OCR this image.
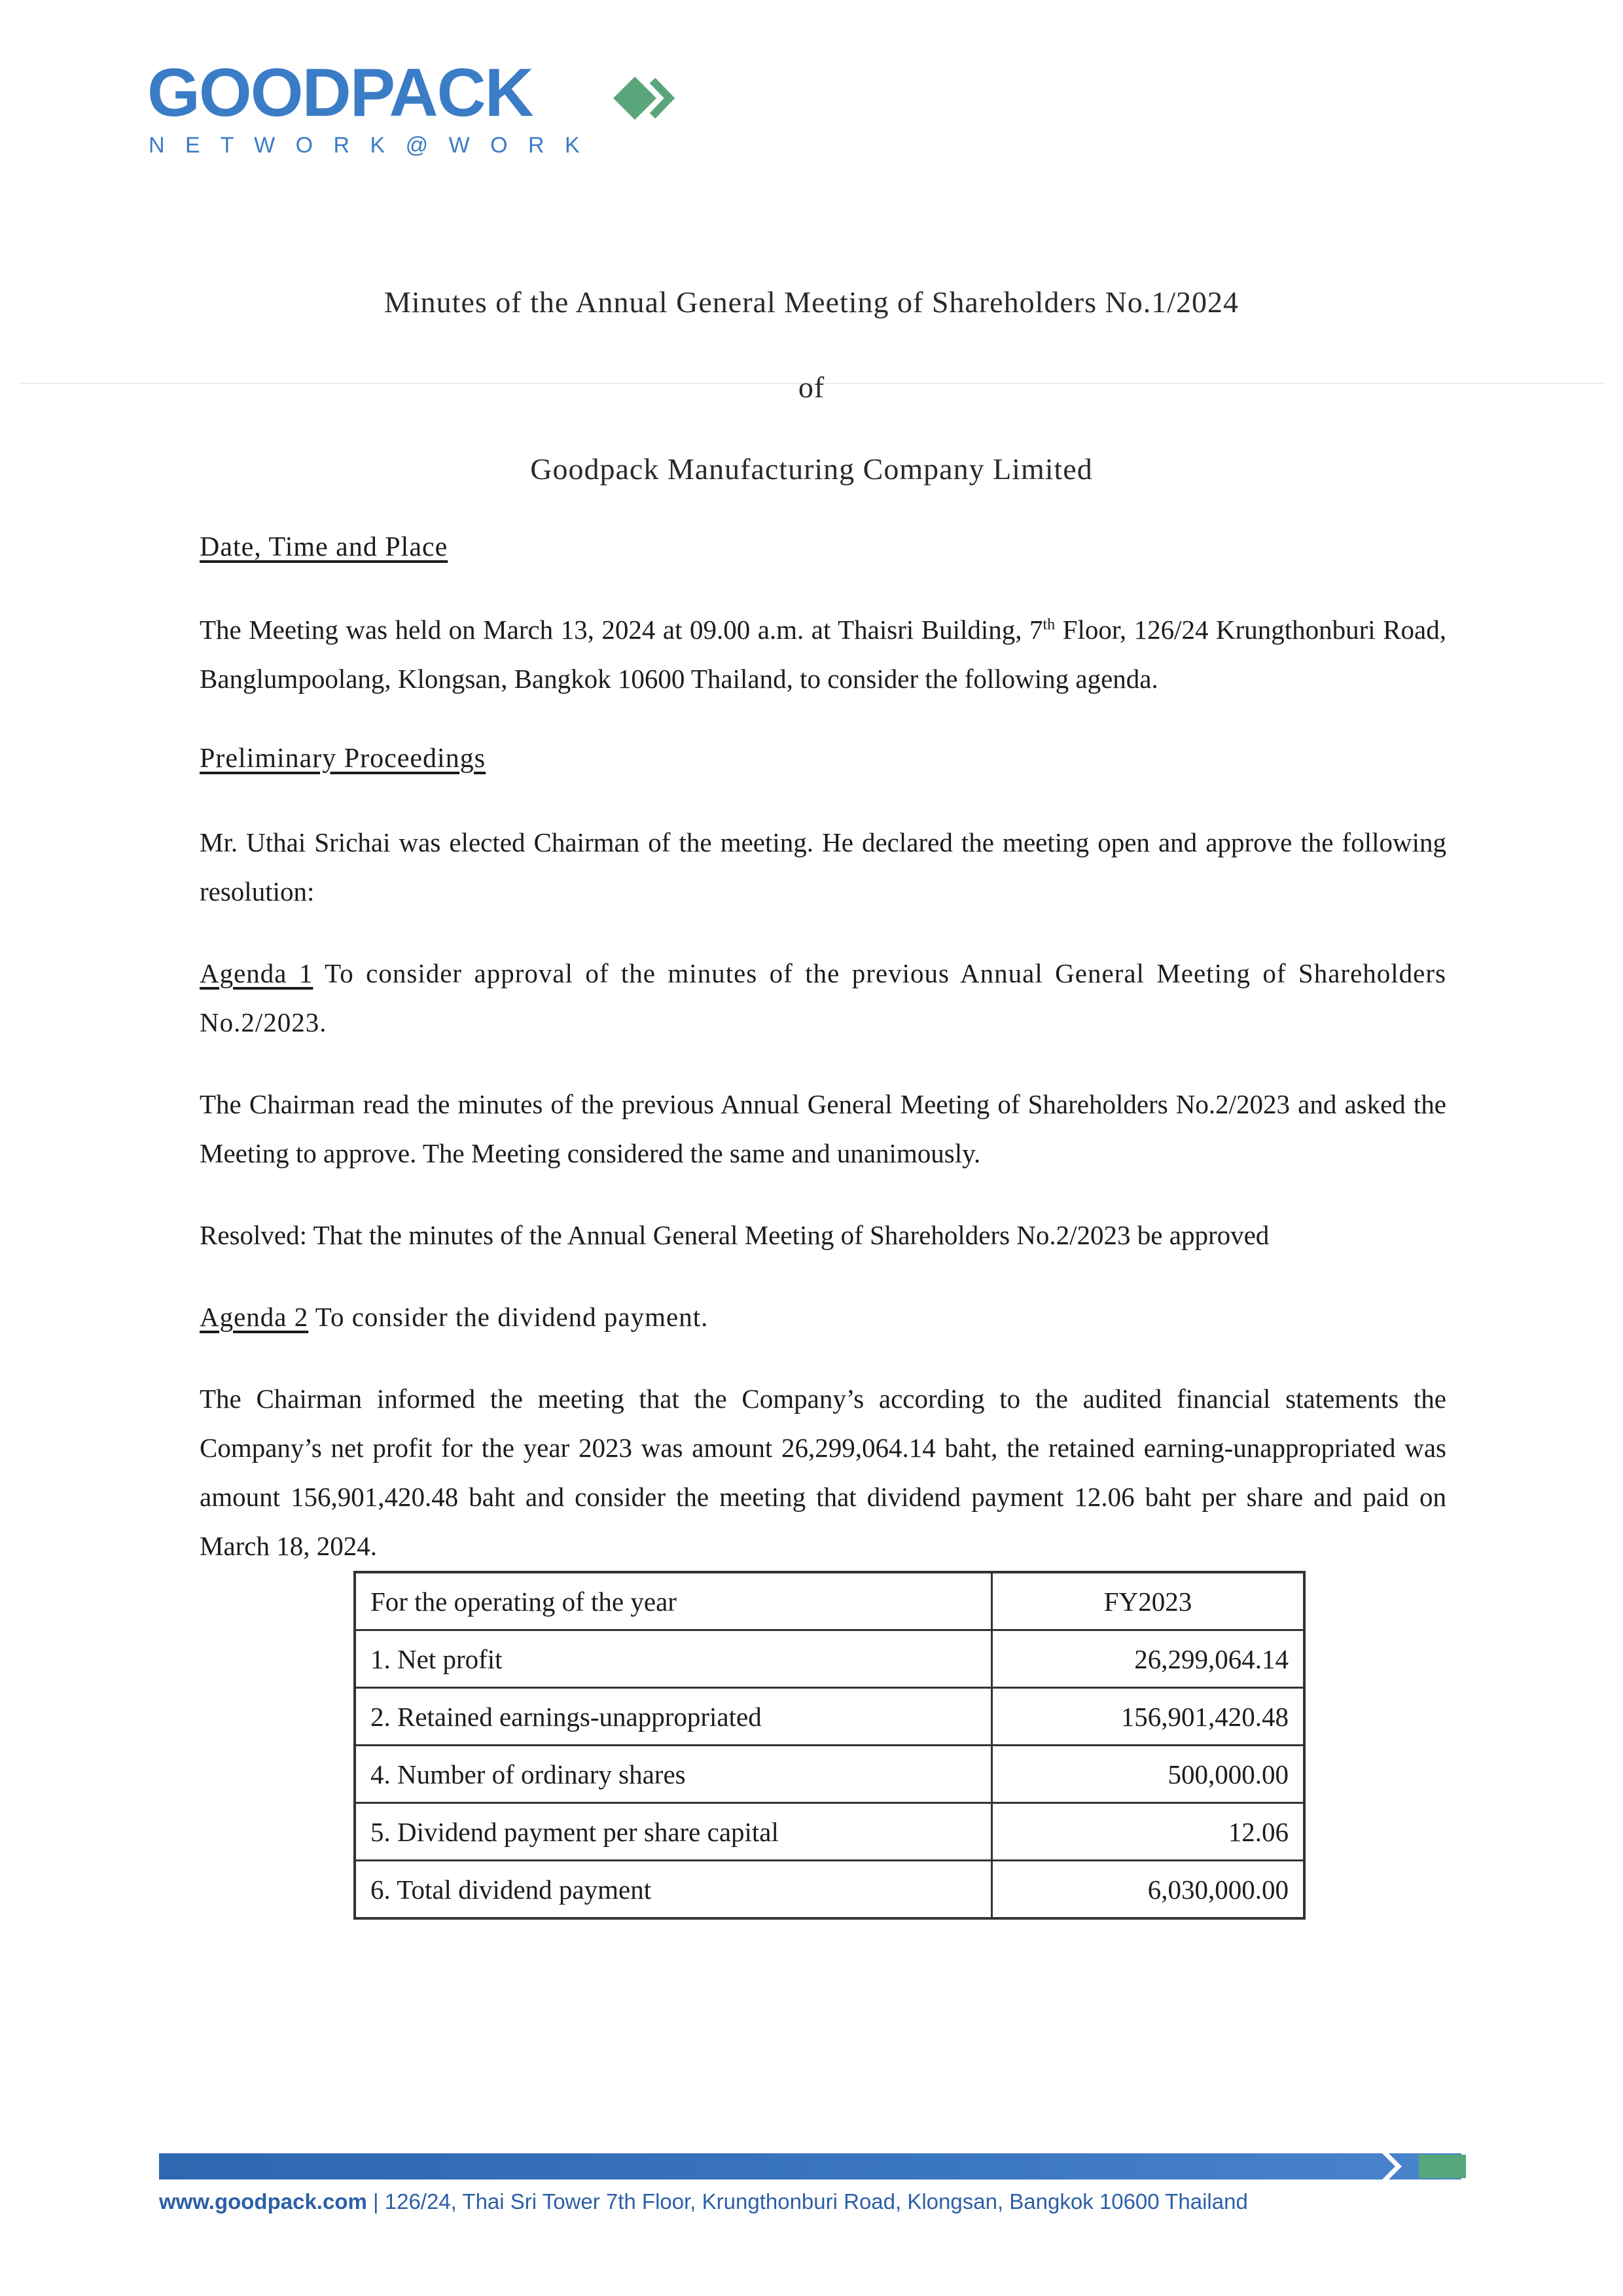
GOODPACK
N E T W O R K @ W O R K
Minutes of the Annual General Meeting of Shareholders No.1/2024
of
Goodpack Manufacturing Company Limited
Date, Time and Place
The Meeting was held on March 13, 2024 at 09.00 a.m. at Thaisri Building, 7th Floor, 126/24 Krungthonburi Road, Banglumpoolang, Klongsan, Bangkok 10600 Thailand, to consider the following agenda.
Preliminary Proceedings
Mr. Uthai Srichai was elected Chairman of the meeting. He declared the meeting open and approve the following resolution:
Agenda 1 To consider approval of the minutes of the previous Annual General Meeting of Shareholders No.2/2023.
The Chairman read the minutes of the previous Annual General Meeting of Shareholders No.2/2023 and asked the Meeting to approve. The Meeting considered the same and unanimously.
Resolved: That the minutes of the Annual General Meeting of Shareholders No.2/2023 be approved
Agenda 2 To consider the dividend payment.
The Chairman informed the meeting that the Company’s according to the audited financial statements the Company’s net profit for the year 2023 was amount 26,299,064.14 baht, the retained earning-unappropriated was amount 156,901,420.48 baht and consider the meeting that dividend payment 12.06 baht per share and paid on March 18, 2024.
For the operating of the year	FY2023
1. Net profit	26,299,064.14
2. Retained earnings-unappropriated	156,901,420.48
4. Number of ordinary shares	500,000.00
5. Dividend payment per share capital	12.06
6. Total dividend payment	6,030,000.00
www.goodpack.com | 126/24, Thai Sri Tower 7th Floor, Krungthonburi Road, Klongsan, Bangkok 10600 Thailand
